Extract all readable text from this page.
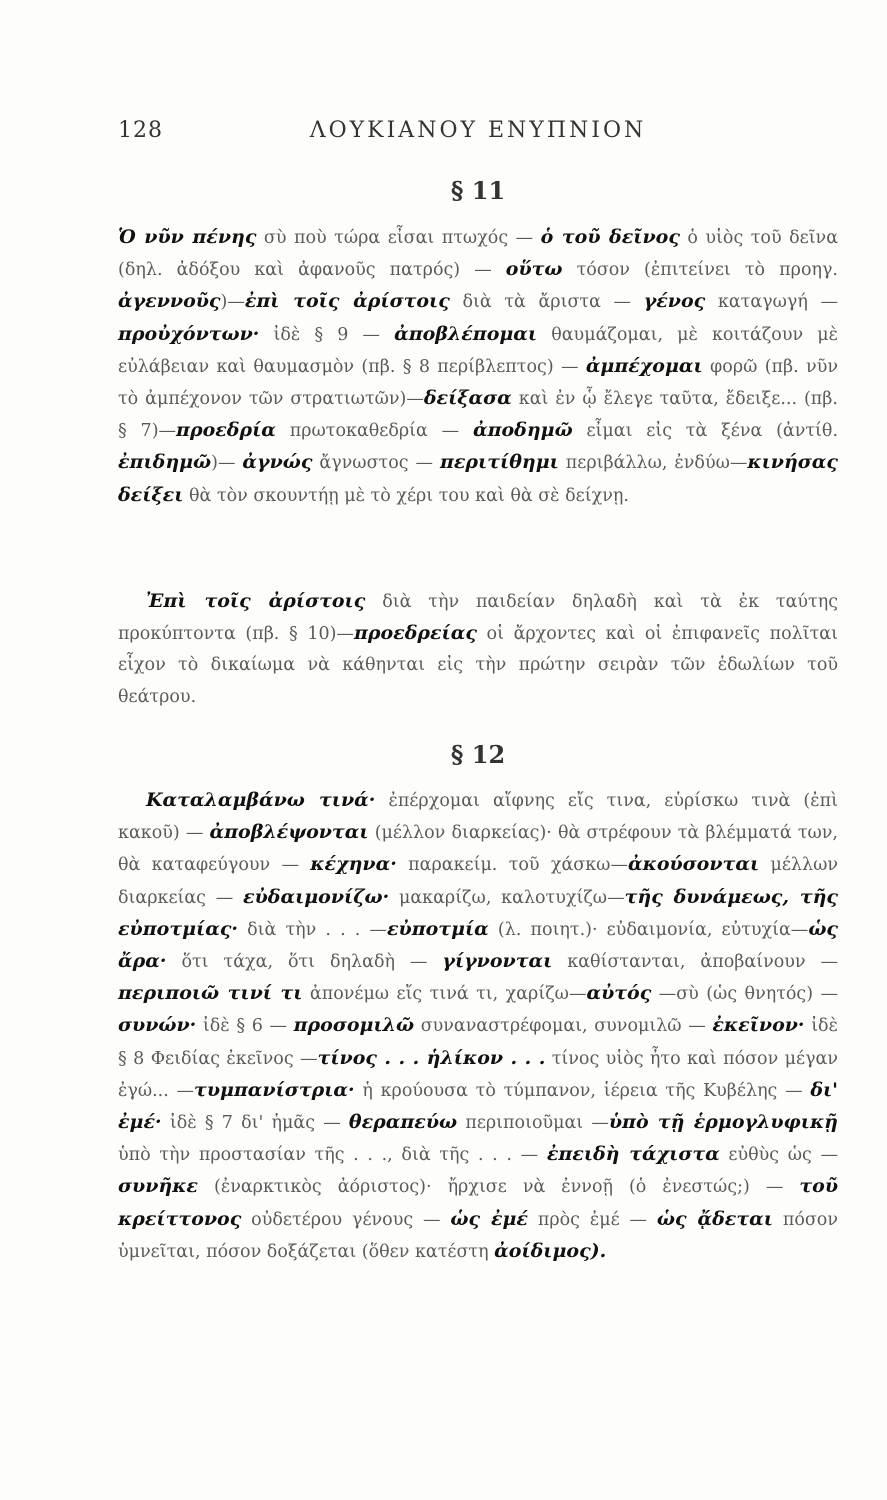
128	ΛΟΥΚΙΑΝΟΥ ΕΝΥΠΝΙΟΝ
§ 11

Ὁ νῦν πένης σὺ ποὺ τώρα εἶσαι πτωχός — ὁ τοῦ δεῖνος ὁ υἱὸς τοῦ δεῖνα (δηλ. ἀδόξου καὶ ἀφανοῦς πατρός) — οὕτω τόσον (ἐπιτείνει τὸ προηγ. ἀγεννοῦς)—ἐπὶ τοῖς ἀρίστοις διὰ τὰ ἄριστα — γένος καταγωγή — προὐχόντων· ἰδὲ § 9 — ἀποβλέπομαι θαυμάζομαι, μὲ κοιτάζουν μὲ εὐλάβειαν καὶ θαυμασμὸν (πβ. § 8 περίβλεπτος) — ἀμπέχομαι φορῶ (πβ. νῦν τὸ ἀμπέχονον τῶν στρατιωτῶν)—δείξασα καὶ ἐν ᾧ ἔλεγε ταῦτα, ἔδειξε... (πβ. § 7)—προεδρία πρωτοκαθεδρία — ἀποδημῶ εἶμαι εἰς τὰ ξένα (ἀντίθ. ἐπιδημῶ)— ἀγνώς ἄγνωστος — περιτίθημι περιβάλλω, ἐνδύω—κινήσας δείξει θὰ τὸν σκουντήῃ μὲ τὸ χέρι του καὶ θὰ σὲ δείχνῃ.

Ἐπὶ τοῖς ἀρίστοις διὰ τὴν παιδείαν δηλαδὴ καὶ τὰ ἐκ ταύτης προκύπτοντα (πβ. § 10)—προεδρείας οἱ ἄρχοντες καὶ οἱ ἐπιφανεῖς πολῖται εἶχον τὸ δικαίωμα νὰ κάθηνται εἰς τὴν πρώτην σειρὰν τῶν ἑδωλίων τοῦ θεάτρου.

§ 12

Καταλαμβάνω τινά· ἐπέρχομαι αἴφνης εἴς τινα, εὑρίσκω τινὰ (ἐπὶ κακοῦ) — ἀποβλέψονται (μέλλον διαρκείας)· θὰ στρέφουν τὰ βλέμματά των, θὰ καταφεύγουν — κέχηνα· παρακείμ. τοῦ χάσκω—ἀκούσονται μέλλων διαρκείας — εὐδαιμονίζω· μακαρίζω, καλοτυχίζω—τῆς δυνάμεως, τῆς εὐποτμίας· διὰ τὴν . . . —εὐποτμία (λ. ποιητ.)· εὐδαιμονία, εὐτυχία—ὡς ἄρα· ὅτι τάχα, ὅτι δηλαδὴ — γίγνονται καθίστανται, ἀποβαίνουν — περιποιῶ τινί τι ἀπονέμω εἴς τινά τι, χαρίζω—αὐτός —σὺ (ὡς θνητός) — συνών· ἰδὲ § 6 — προσομιλῶ συναναστρέφομαι, συνομιλῶ — ἐκεῖνον· ἰδὲ § 8 Φειδίας ἐκεῖνος —τίνος . . . ἡλίκον . . . τίνος υἱὸς ἦτο καὶ πόσον μέγαν ἐγώ... —τυμπανίστρια· ἡ κρούουσα τὸ τύμπανον, ἱέρεια τῆς Κυβέλης — δι' ἐμέ· ἰδὲ § 7 δι' ἡμᾶς — θεραπεύω περιποιοῦμαι —ὑπὸ τῇ ἑρμογλυφικῇ ὑπὸ τὴν προστασίαν τῆς . . ., διὰ τῆς . . . — ἐπειδὴ τάχιστα εὐθὺς ὡς — συνῆκε (ἐναρκτικὸς ἀόριστος)· ἤρχισε νὰ ἐννοῇ (ὁ ἐνεστώς;) — τοῦ κρείττονος οὐδετέρου γένους — ὡς ἐμέ πρὸς ἐμέ — ὡς ᾄδεται πόσον ὑμνεῖται, πόσον δοξάζεται (ὅθεν κατέστη ἀοίδιμος).
